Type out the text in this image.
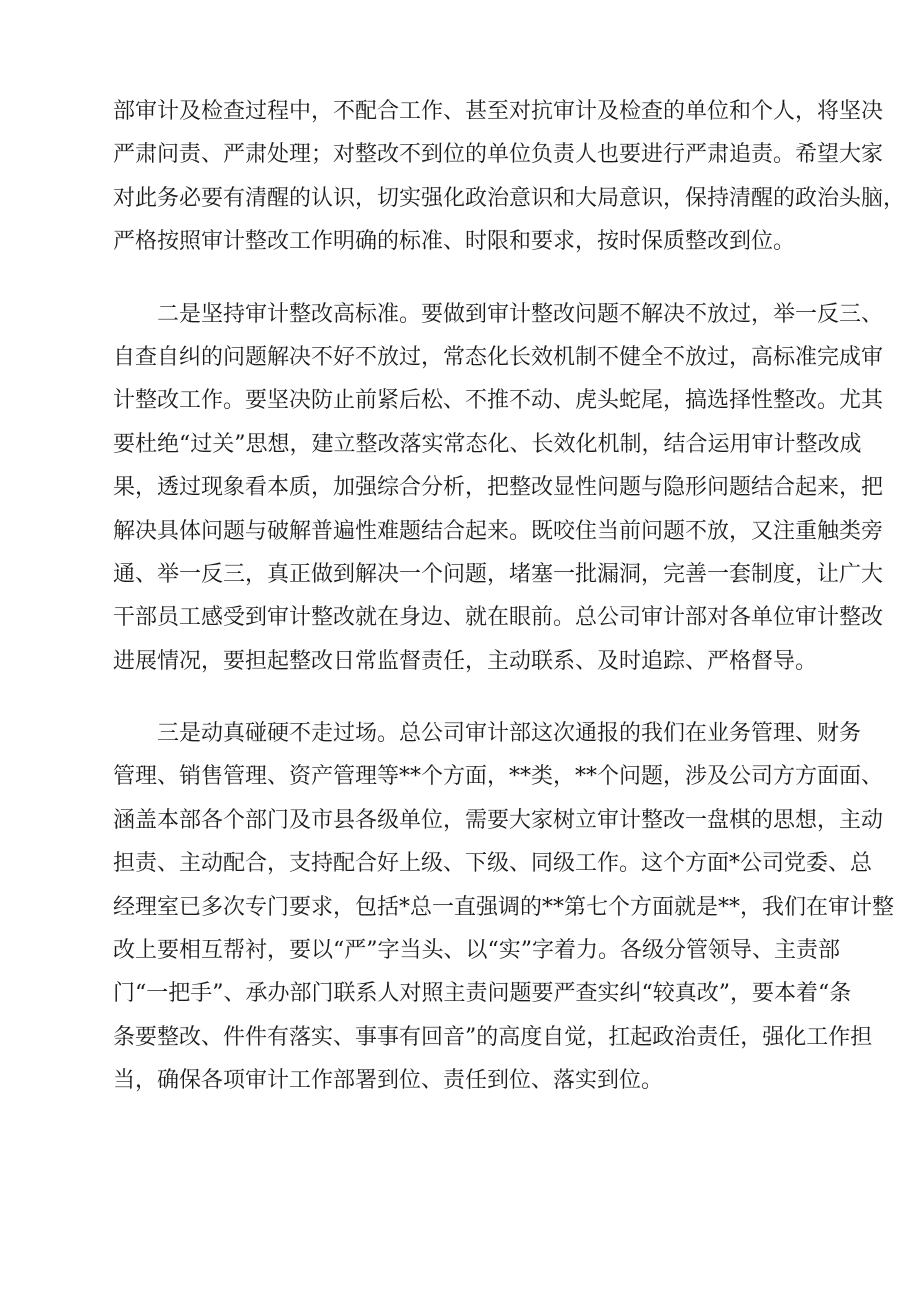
部审计及检查过程中，不配合工作、甚至对抗审计及检查的单位和个人，将坚决
严肃问责、严肃处理；对整改不到位的单位负责人也要进行严肃追责。希望大家
对此务必要有清醒的认识，切实强化政治意识和大局意识，保持清醒的政治头脑，
严格按照审计整改工作明确的标准、时限和要求，按时保质整改到位。
二是坚持审计整改高标准。要做到审计整改问题不解决不放过，举一反三、
自查自纠的问题解决不好不放过，常态化长效机制不健全不放过，高标准完成审
计整改工作。要坚决防止前紧后松、不推不动、虎头蛇尾，搞选择性整改。尤其
要杜绝“过关”思想，建立整改落实常态化、长效化机制，结合运用审计整改成
果，透过现象看本质，加强综合分析，把整改显性问题与隐形问题结合起来，把
解决具体问题与破解普遍性难题结合起来。既咬住当前问题不放，又注重触类旁
通、举一反三，真正做到解决一个问题，堵塞一批漏洞，完善一套制度，让广大
干部员工感受到审计整改就在身边、就在眼前。总公司审计部对各单位审计整改
进展情况，要担起整改日常监督责任，主动联系、及时追踪、严格督导。
三是动真碰硬不走过场。总公司审计部这次通报的我们在业务管理、财务
管理、销售管理、资产管理等**个方面，**类，**个问题，涉及公司方方面面、
涵盖本部各个部门及市县各级单位，需要大家树立审计整改一盘棋的思想，主动
担责、主动配合，支持配合好上级、下级、同级工作。这个方面*公司党委、总
经理室已多次专门要求，包括*总一直强调的**第七个方面就是**，我们在审计整
改上要相互帮衬，要以“严”字当头、以“实”字着力。各级分管领导、主责部
门“一把手”、承办部门联系人对照主责问题要严查实纠“较真改”，要本着“条
条要整改、件件有落实、事事有回音”的高度自觉，扛起政治责任，强化工作担
当，确保各项审计工作部署到位、责任到位、落实到位。
